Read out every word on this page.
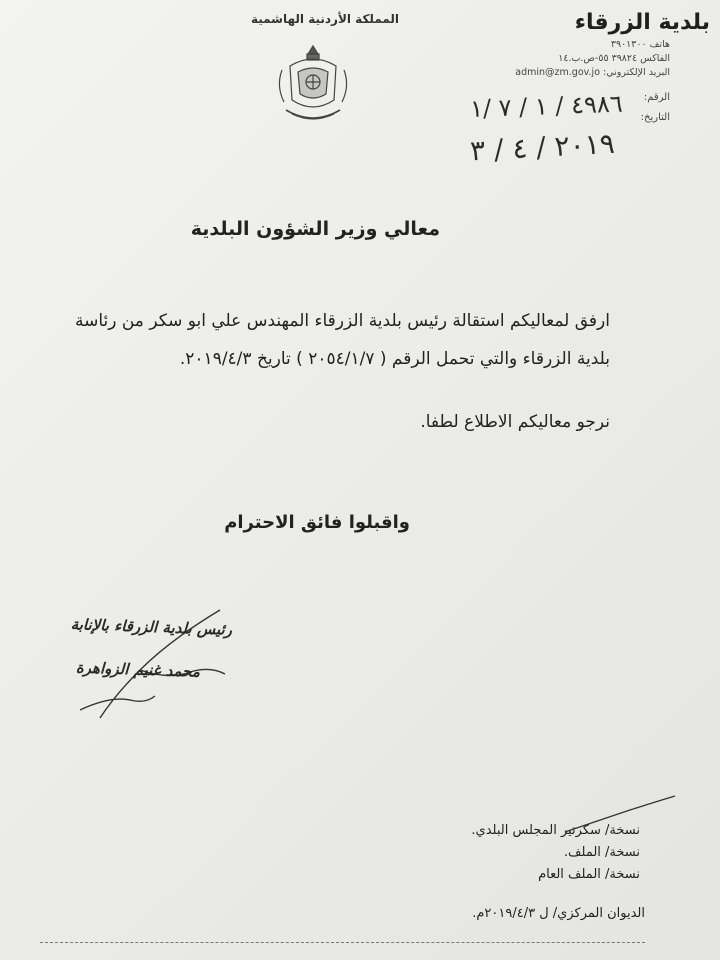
المملكة الأردنية الهاشمية	بلدية الزرقاء
هاتف ٣٩٠١٣٠٠
الفاكس ٣٩٨٢٤ ٥٥-ص.ب.١٤
البريد الإلكتروني: admin@zm.gov.jo
الرقم:
التاريخ:
٤٩٨٦ / ١ / ٧ /١
٢٠١٩ / ٤ / ٣
معالي وزير الشؤون البلدية
ارفق لمعاليكم استقالة رئيس بلدية الزرقاء المهندس علي ابو سكر من رئاسة
بلدية الزرقاء والتي تحمل الرقم ( ٢٠٥٤/١/٧ ) تاريخ ٢٠١٩/٤/٣.
نرجو معاليكم الاطلاع لطفا.
واقبلوا فائق الاحترام
رئيس بلدية الزرقاء بالإنابة
محمد غنيم الزواهرة
نسخة/ سكرتير المجلس البلدي.
نسخة/ الملف.
نسخة/ الملف العام
الديوان المركزي/ ل ٢٠١٩/٤/٣م.
